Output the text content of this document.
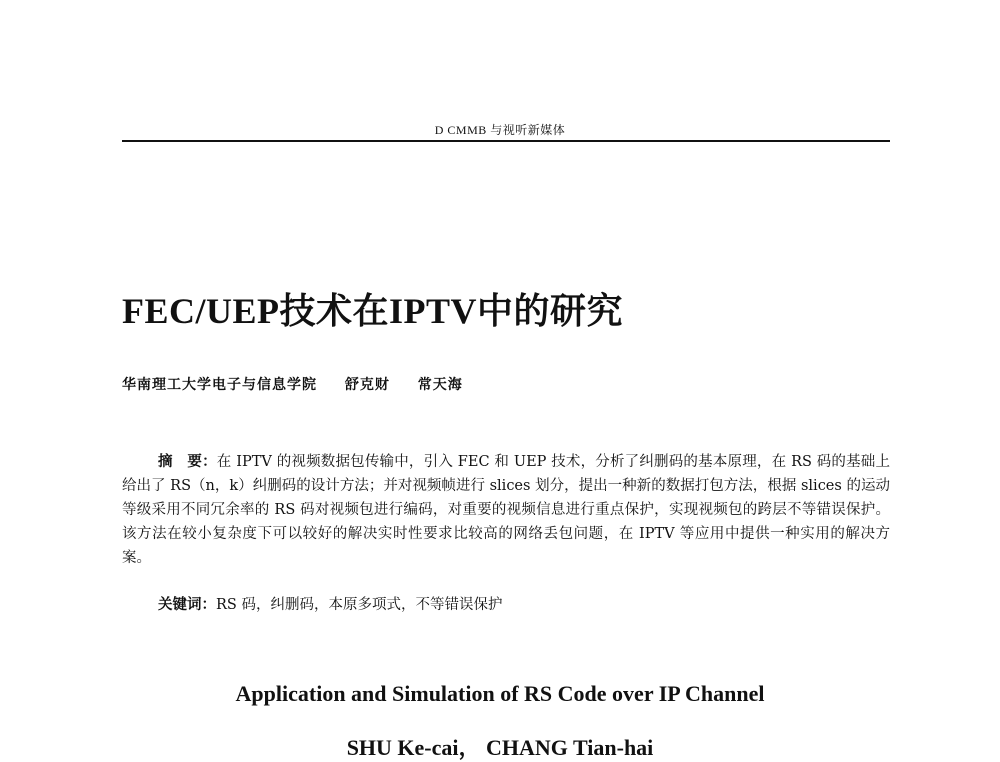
D CMMB 与视听新媒体
FEC/UEP技术在IPTV中的研究
华南理工大学电子与信息学院 舒克财 常天海

摘　要：在 IPTV 的视频数据包传输中，引入 FEC 和 UEP 技术，分析了纠删码的基本原理，在 RS 码的基础上给出了 RS（n，k）纠删码的设计方法；并对视频帧进行 slices 划分，提出一种新的数据打包方法，根据 slices 的运动等级采用不同冗余率的 RS 码对视频包进行编码，对重要的视频信息进行重点保护，实现视频包的跨层不等错误保护。该方法在较小复杂度下可以较好的解决实时性要求比较高的网络丢包问题，在 IPTV 等应用中提供一种实用的解决方案。

关键词：RS 码，纠删码，本原多项式，不等错误保护
Application and Simulation of RS Code over IP Channel
SHU Ke-cai， CHANG Tian-hai
